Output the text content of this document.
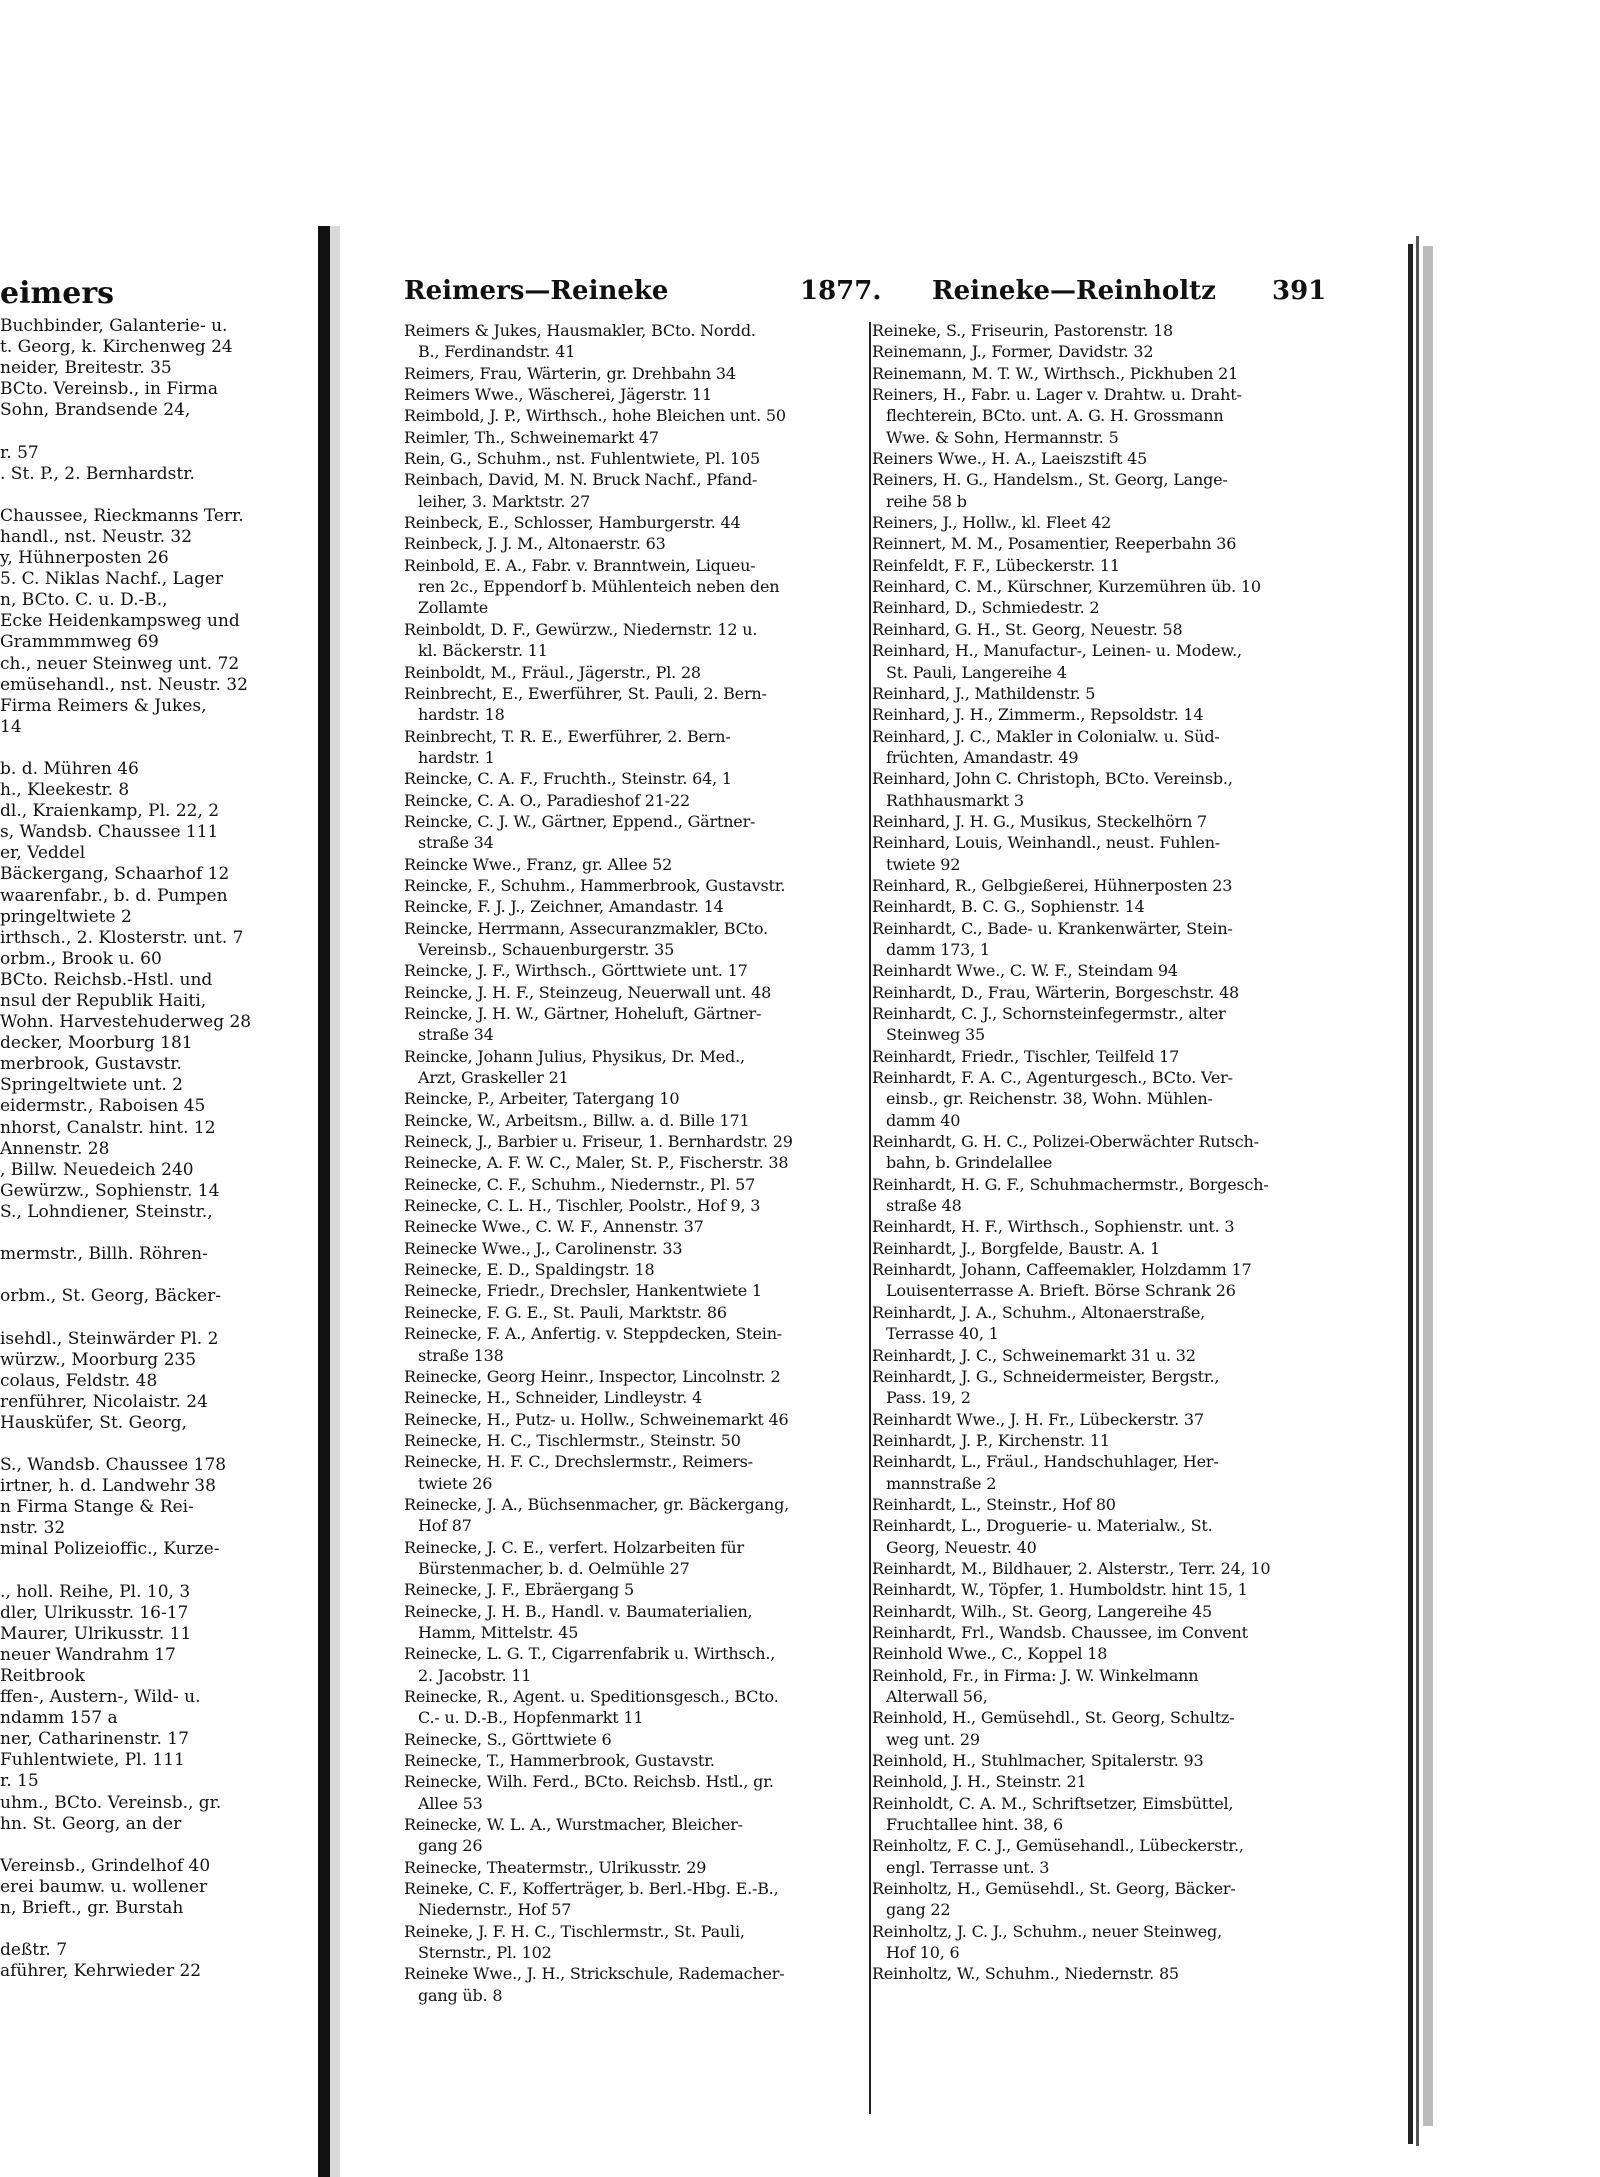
eimers
Buchbinder, Galanterie- u.
t. Georg, k. Kirchenweg 24
neider, Breitestr. 35
BCto. Vereinsb., in Firma
Sohn, Brandsende 24,
r. 57
. St. P., 2. Bernhardstr.
Chaussee, Rieckmanns Terr.
handl., nst. Neustr. 32
y, Hühnerposten 26
5. C. Niklas Nachf., Lager
n, BCto. C. u. D.-B.,
Ecke Heidenkampsweg und
Grammmmweg 69
ch., neuer Steinweg unt. 72
emüsehandl., nst. Neustr. 32
Firma Reimers & Jukes,
14
b. d. Mühren 46
h., Kleekestr. 8
dl., Kraienkamp, Pl. 22, 2
s, Wandsb. Chaussee 111
er, Veddel
Bäckergang, Schaarhof 12
waarenfabr., b. d. Pumpen
pringeltwiete 2
irthsch., 2. Klosterstr. unt. 7
orbm., Brook u. 60
BCto. Reichsb.-Hstl. und
nsul der Republik Haiti,
Wohn. Harvestehuderweg 28
decker, Moorburg 181
merbrook, Gustavstr.
Springeltwiete unt. 2
eidermstr., Raboisen 45
nhorst, Canalstr. hint. 12
Annenstr. 28
, Billw. Neuedeich 240
Gewürzw., Sophienstr. 14
S., Lohndiener, Steinstr.,
mermstr., Billh. Röhren-
orbm., St. Georg, Bäcker-
isehdl., Steinwärder Pl. 2
würzw., Moorburg 235
colaus, Feldstr. 48
renführer, Nicolaistr. 24
Hausküfer, St. Georg,
S., Wandsb. Chaussee 178
irtner, h. d. Landwehr 38
n Firma Stange & Rei-
nstr. 32
minal Polizeioffic., Kurze-
., holl. Reihe, Pl. 10, 3
dler, Ulrikusstr. 16-17
Maurer, Ulrikusstr. 11
neuer Wandrahm 17
Reitbrook
ffen-, Austern-, Wild- u.
ndamm 157 a
ner, Catharinenstr. 17
Fuhlentwiete, Pl. 111
r. 15
uhm., BCto. Vereinsb., gr.
hn. St. Georg, an der
Vereinsb., Grindelhof 40
erei baumw. u. wollener
n, Brieft., gr. Burstah
deßtr. 7
aführer, Kehrwieder 22
Reimers—Reineke	1877. Reineke—Reinholtz 391
Reimers & Jukes, Hausmakler, BCto. Nordd.
B., Ferdinandstr. 41
Reimers, Frau, Wärterin, gr. Drehbahn 34
Reimers Wwe., Wäscherei, Jägerstr. 11
Reimbold, J. P., Wirthsch., hohe Bleichen unt. 50
Reimler, Th., Schweinemarkt 47
Rein, G., Schuhm., nst. Fuhlentwiete, Pl. 105
Reinbach, David, M. N. Bruck Nachf., Pfand-
leiher, 3. Marktstr. 27
Reinbeck, E., Schlosser, Hamburgerstr. 44
Reinbeck, J. J. M., Altonaerstr. 63
Reinbold, E. A., Fabr. v. Branntwein, Liqueu-
ren 2c., Eppendorf b. Mühlenteich neben den
Zollamte
Reinboldt, D. F., Gewürzw., Niedernstr. 12 u.
kl. Bäckerstr. 11
Reinboldt, M., Fräul., Jägerstr., Pl. 28
Reinbrecht, E., Ewerführer, St. Pauli, 2. Bern-
hardstr. 18
Reinbrecht, T. R. E., Ewerführer, 2. Bern-
hardstr. 1
Reincke, C. A. F., Fruchth., Steinstr. 64, 1
Reincke, C. A. O., Paradieshof 21-22
Reincke, C. J. W., Gärtner, Eppend., Gärtner-
straße 34
Reincke Wwe., Franz, gr. Allee 52
Reincke, F., Schuhm., Hammerbrook, Gustavstr.
Reincke, F. J. J., Zeichner, Amandastr. 14
Reincke, Herrmann, Assecuranzmakler, BCto.
Vereinsb., Schauenburgerstr. 35
Reincke, J. F., Wirthsch., Görttwiete unt. 17
Reincke, J. H. F., Steinzeug, Neuerwall unt. 48
Reincke, J. H. W., Gärtner, Hoheluft, Gärtner-
straße 34
Reincke, Johann Julius, Physikus, Dr. Med.,
Arzt, Graskeller 21
Reincke, P., Arbeiter, Tatergang 10
Reincke, W., Arbeitsm., Billw. a. d. Bille 171
Reineck, J., Barbier u. Friseur, 1. Bernhardstr. 29
Reinecke, A. F. W. C., Maler, St. P., Fischerstr. 38
Reinecke, C. F., Schuhm., Niedernstr., Pl. 57
Reinecke, C. L. H., Tischler, Poolstr., Hof 9, 3
Reinecke Wwe., C. W. F., Annenstr. 37
Reinecke Wwe., J., Carolinenstr. 33
Reinecke, E. D., Spaldingstr. 18
Reinecke, Friedr., Drechsler, Hankentwiete 1
Reinecke, F. G. E., St. Pauli, Marktstr. 86
Reinecke, F. A., Anfertig. v. Steppdecken, Stein-
straße 138
Reinecke, Georg Heinr., Inspector, Lincolnstr. 2
Reinecke, H., Schneider, Lindleystr. 4
Reinecke, H., Putz- u. Hollw., Schweinemarkt 46
Reinecke, H. C., Tischlermstr., Steinstr. 50
Reinecke, H. F. C., Drechslermstr., Reimers-
twiete 26
Reinecke, J. A., Büchsenmacher, gr. Bäckergang,
Hof 87
Reinecke, J. C. E., verfert. Holzarbeiten für
Bürstenmacher, b. d. Oelmühle 27
Reinecke, J. F., Ebräergang 5
Reinecke, J. H. B., Handl. v. Baumaterialien,
Hamm, Mittelstr. 45
Reinecke, L. G. T., Cigarrenfabrik u. Wirthsch.,
2. Jacobstr. 11
Reinecke, R., Agent. u. Speditionsgesch., BCto.
C.- u. D.-B., Hopfenmarkt 11
Reinecke, S., Görttwiete 6
Reinecke, T., Hammerbrook, Gustavstr.
Reinecke, Wilh. Ferd., BCto. Reichsb. Hstl., gr.
Allee 53
Reinecke, W. L. A., Wurstmacher, Bleicher-
gang 26
Reinecke, Theatermstr., Ulrikusstr. 29
Reineke, C. F., Kofferträger, b. Berl.-Hbg. E.-B.,
Niedernstr., Hof 57
Reineke, J. F. H. C., Tischlermstr., St. Pauli,
Sternstr., Pl. 102
Reineke Wwe., J. H., Strickschule, Rademacher-
gang üb. 8
Reineke, S., Friseurin, Pastorenstr. 18
Reinemann, J., Former, Davidstr. 32
Reinemann, M. T. W., Wirthsch., Pickhuben 21
Reiners, H., Fabr. u. Lager v. Drahtw. u. Draht-
flechterein, BCto. unt. A. G. H. Grossmann
Wwe. & Sohn, Hermannstr. 5
Reiners Wwe., H. A., Laeiszstift 45
Reiners, H. G., Handelsm., St. Georg, Lange-
reihe 58 b
Reiners, J., Hollw., kl. Fleet 42
Reinnert, M. M., Posamentier, Reeperbahn 36
Reinfeldt, F. F., Lübeckerstr. 11
Reinhard, C. M., Kürschner, Kurzemühren üb. 10
Reinhard, D., Schmiedestr. 2
Reinhard, G. H., St. Georg, Neuestr. 58
Reinhard, H., Manufactur-, Leinen- u. Modew.,
St. Pauli, Langereihe 4
Reinhard, J., Mathildenstr. 5
Reinhard, J. H., Zimmerm., Repsoldstr. 14
Reinhard, J. C., Makler in Colonialw. u. Süd-
früchten, Amandastr. 49
Reinhard, John C. Christoph, BCto. Vereinsb.,
Rathhausmarkt 3
Reinhard, J. H. G., Musikus, Steckelhörn 7
Reinhard, Louis, Weinhandl., neust. Fuhlen-
twiete 92
Reinhard, R., Gelbgießerei, Hühnerposten 23
Reinhardt, B. C. G., Sophienstr. 14
Reinhardt, C., Bade- u. Krankenwärter, Stein-
damm 173, 1
Reinhardt Wwe., C. W. F., Steindam 94
Reinhardt, D., Frau, Wärterin, Borgeschstr. 48
Reinhardt, C. J., Schornsteinfegermstr., alter
Steinweg 35
Reinhardt, Friedr., Tischler, Teilfeld 17
Reinhardt, F. A. C., Agenturgesch., BCto. Ver-
einsb., gr. Reichenstr. 38, Wohn. Mühlen-
damm 40
Reinhardt, G. H. C., Polizei-Oberwächter Rutsch-
bahn, b. Grindelallee
Reinhardt, H. G. F., Schuhmachermstr., Borgesch-
straße 48
Reinhardt, H. F., Wirthsch., Sophienstr. unt. 3
Reinhardt, J., Borgfelde, Baustr. A. 1
Reinhardt, Johann, Caffeemakler, Holzdamm 17
Louisenterrasse A. Brieft. Börse Schrank 26
Reinhardt, J. A., Schuhm., Altonaerstraße,
Terrasse 40, 1
Reinhardt, J. C., Schweinemarkt 31 u. 32
Reinhardt, J. G., Schneidermeister, Bergstr.,
Pass. 19, 2
Reinhardt Wwe., J. H. Fr., Lübeckerstr. 37
Reinhardt, J. P., Kirchenstr. 11
Reinhardt, L., Fräul., Handschuhlager, Her-
mannstraße 2
Reinhardt, L., Steinstr., Hof 80
Reinhardt, L., Droguerie- u. Materialw., St.
Georg, Neuestr. 40
Reinhardt, M., Bildhauer, 2. Alsterstr., Terr. 24, 10
Reinhardt, W., Töpfer, 1. Humboldstr. hint 15, 1
Reinhardt, Wilh., St. Georg, Langereihe 45
Reinhardt, Frl., Wandsb. Chaussee, im Convent
Reinhold Wwe., C., Koppel 18
Reinhold, Fr., in Firma: J. W. Winkelmann
Alterwall 56,
Reinhold, H., Gemüsehdl., St. Georg, Schultz-
weg unt. 29
Reinhold, H., Stuhlmacher, Spitalerstr. 93
Reinhold, J. H., Steinstr. 21
Reinholdt, C. A. M., Schriftsetzer, Eimsbüttel,
Fruchtallee hint. 38, 6
Reinholtz, F. C. J., Gemüsehandl., Lübeckerstr.,
engl. Terrasse unt. 3
Reinholtz, H., Gemüsehdl., St. Georg, Bäcker-
gang 22
Reinholtz, J. C. J., Schuhm., neuer Steinweg,
Hof 10, 6
Reinholtz, W., Schuhm., Niedernstr. 85
